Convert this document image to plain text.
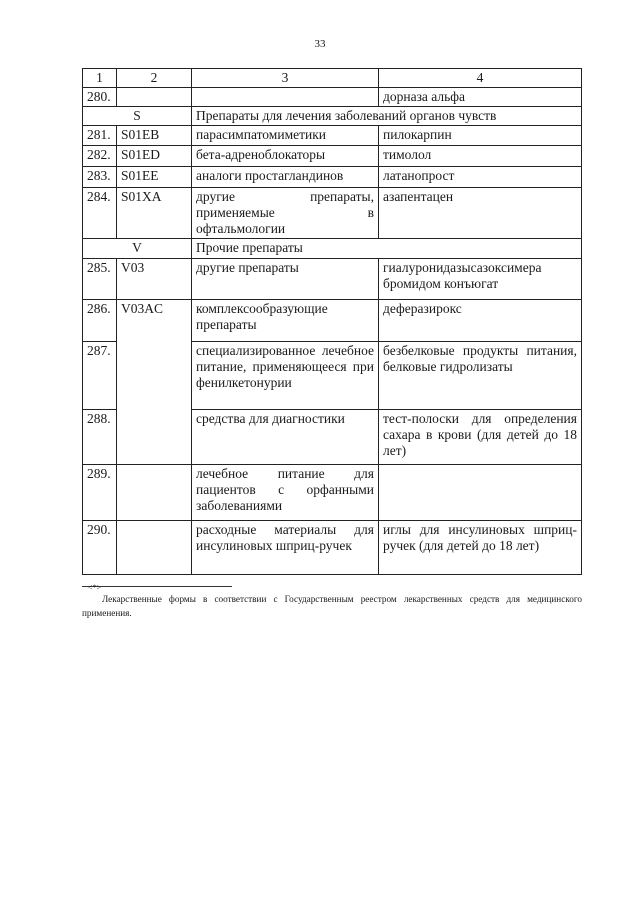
33
1	2	3	4
280.			дорназа альфа
S		Препараты для лечения заболеваний органов чувств	
281.	S01EB	парасимпатомиметики	пилокарпин
282.	S01ED	бета-адреноблокаторы	тимолол
283.	S01EE	аналоги простагландинов	латанопрост
284.	S01XA	другие препараты, применяемые в офтальмологии	азапентацен
V		Прочие препараты	
285.	V03	другие препараты	гиалуронидазысазоксимера бромидом конъюгат
286.	V03AC	комплексообразующие препараты	деферазирокс
287.		специализированное лечебное питание, применяющееся при фенилкетонурии	безбелковые продукты питания, белковые гидролизаты
288.		средства для диагностики	тест-полоски для определения сахара в крови (для детей до 18 лет)
289.		лечебное питание для пациентов с орфанными заболеваниями	
290.		расходные материалы для инсулиновых шприц-ручек	иглы для инсулиновых шприц-ручек (для детей до 18 лет)
<*>
Лекарственные формы в соответствии с Государственным реестром лекарственных средств для медицинского применения.
